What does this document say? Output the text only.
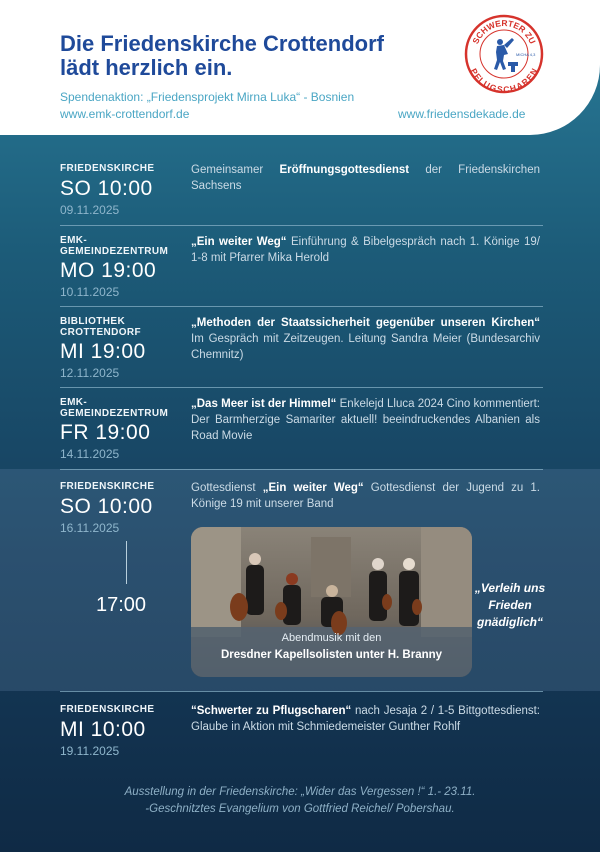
Die Friedenskirche Crottendorf
lädt herzlich ein.
Spendenaktion: „Friedensprojekt Mirna Luka“ - Bosnien
www.emk-crottendorf.de	www.friedensdekade.de
SCHWERTER ZU
PFLUGSCHAREN
MICHA 4,3
FRIEDENSKIRCHE
SO 10:00
09.11.2025
Gemeinsamer Eröffnungsgottesdienst der Friedenskirchen Sachsens
EMK-GEMEINDEZENTRUM
MO 19:00
10.11.2025
„Ein weiter Weg“ Einführung & Bibelgespräch nach 1. Könige 19/ 1-8 mit Pfarrer Mika Herold
BIBLIOTHEK CROTTENDORF
MI 19:00
12.11.2025
„Methoden der Staatssicherheit gegenüber unseren Kirchen“ Im Gespräch mit Zeitzeugen. Leitung Sandra Meier (Bundesarchiv Chemnitz)
EMK-GEMEINDEZENTRUM
FR 19:00
14.11.2025
„Das Meer ist der Himmel“ Enkelejd Lluca 2024 Cino kommentiert: Der Barmherzige Samariter aktuell! beeindruckendes Albanien als Road Movie
FRIEDENSKIRCHE
SO 10:00
16.11.2025
Gottesdienst „Ein weiter Weg“ Gottesdienst der Jugend zu 1. Könige 19 mit unserer Band
17:00
Abendmusik mit den
Dresdner Kapellsolisten unter H. Branny
„Verleih uns Frieden gnädiglich“
FRIEDENSKIRCHE
MI 10:00
19.11.2025
“Schwerter zu Pflugscharen“ nach Jesaja 2 / 1-5 Bittgottesdienst: Glaube in Aktion mit Schmiedemeister Gunther Rohlf
Ausstellung in der Friedenskirche: „Wider das Vergessen !“ 1.- 23.11.
-Geschnitztes Evangelium von Gottfried Reichel/ Pobershau.
